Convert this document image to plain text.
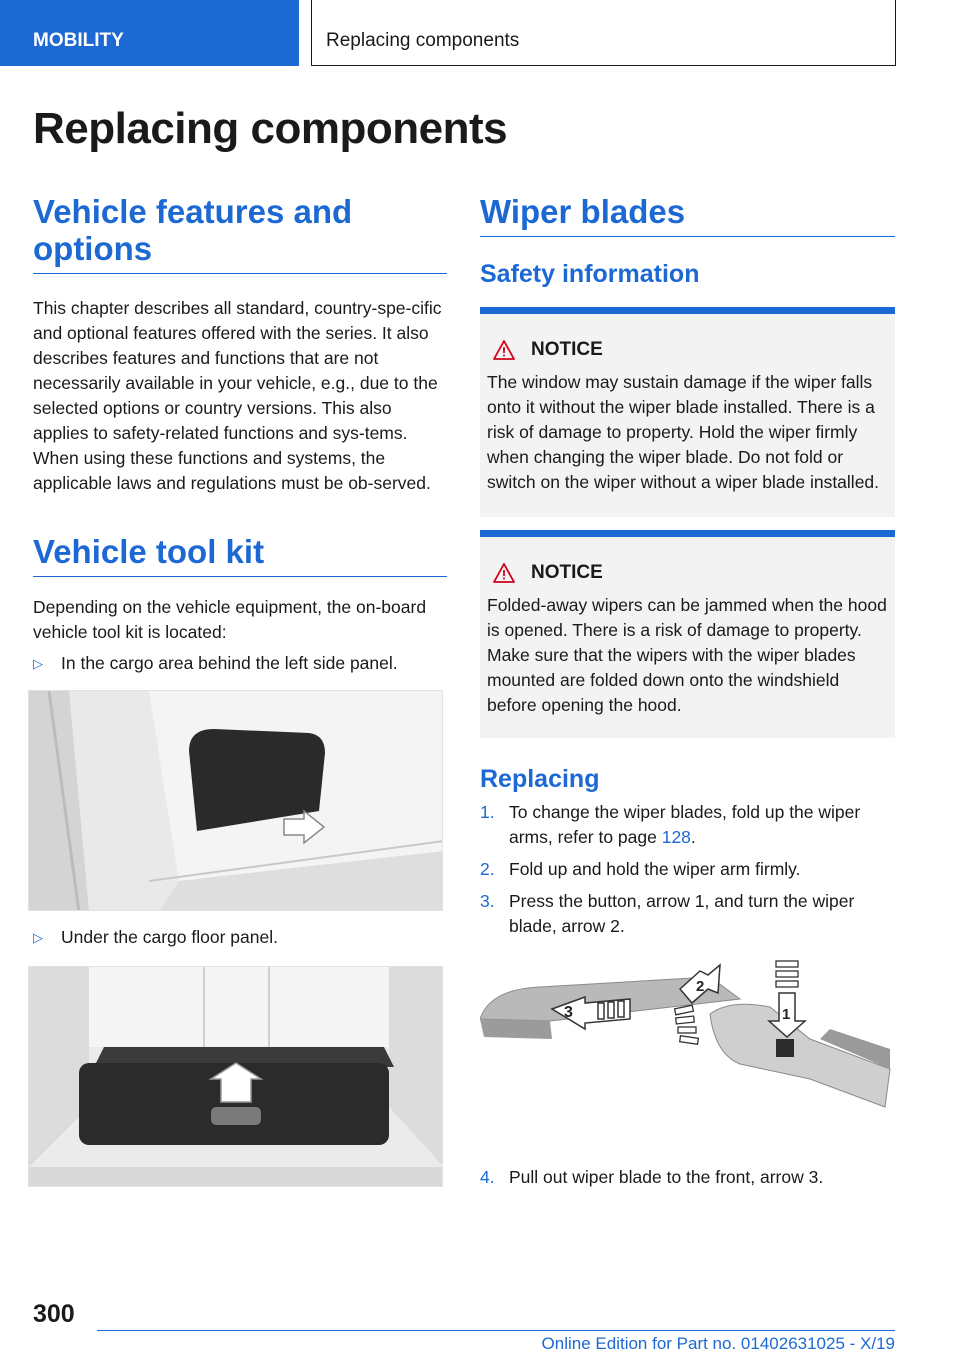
MOBILITY	Replacing components
Replacing components
Vehicle features and options

This chapter describes all standard, country-spe-cific and optional features offered with the series. It also describes features and functions that are not necessarily available in your vehicle, e.g., due to the selected options or country versions. This also applies to safety-related functions and sys-tems. When using these functions and systems, the applicable laws and regulations must be ob-served.

Vehicle tool kit

Depending on the vehicle equipment, the on-board vehicle tool kit is located:

▷ In the cargo area behind the left side panel.
▷ Under the cargo floor panel.
Wiper blades
Safety information
NOTICE

The window may sustain damage if the wiper falls onto it without the wiper blade installed. There is a risk of damage to property. Hold the wiper firmly when changing the wiper blade. Do not fold or switch on the wiper without a wiper blade installed.

NOTICE

Folded-away wipers can be jammed when the hood is opened. There is a risk of damage to property. Make sure that the wipers with the wiper blades mounted are folded down onto the windshield before opening the hood.

Replacing
1. To change the wiper blades, fold up the wiper arms, refer to page 128.
2. Fold up and hold the wiper arm firmly.
3. Press the button, arrow 1, and turn the wiper blade, arrow 2.
3
2
1
4. Pull out wiper blade to the front, arrow 3.
300
Online Edition for Part no. 01402631025 - X/19
